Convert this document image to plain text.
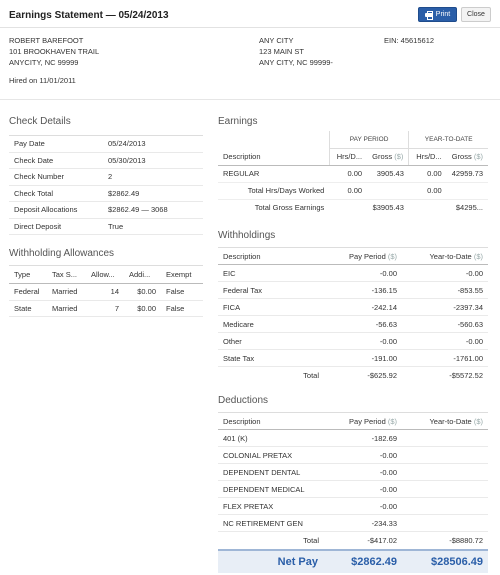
Earnings Statement — 05/24/2013	Print	Close
ROBERT BAREFOOT
101 BROOKHAVEN TRAIL
ANYCITY, NC 99999
Hired on 11/01/2011
ANY CITY
123 MAIN ST
ANY CITY, NC 99999-
EIN: 45615612
Check Details
Pay Date	05/24/2013
Check Date	05/30/2013
Check Number	2
Check Total	$2862.49
Deposit Allocations	$2862.49 — 3068
Direct Deposit	True
Withholding Allowances
Type	Tax S...	Allow...	Addi...	Exempt
Federal	Married	14	$0.00	False
State	Married	7	$0.00	False
Earnings
	PAY PERIOD		YEAR-TO-DATE	
Description	Hrs/D...	Gross ($)	Hrs/D...	Gross ($)
REGULAR	0.00	3905.43	0.00	42959.73
Total Hrs/Days Worked	0.00		0.00	
Total Gross Earnings	$3905.43		$4295...	
Withholdings
Description	Pay Period ($)	Year-to-Date ($)
EIC	-0.00	-0.00
Federal Tax	-136.15	-853.55
FICA	-242.14	-2397.34
Medicare	-56.63	-560.63
Other	-0.00	-0.00
State Tax	-191.00	-1761.00
Total	-$625.92	-$5572.52
Deductions
Description	Pay Period ($)	Year-to-Date ($)
401 (K)	-182.69	
COLONIAL PRETAX	-0.00	
DEPENDENT DENTAL	-0.00	
DEPENDENT MEDICAL	-0.00	
FLEX PRETAX	-0.00	
NC RETIREMENT GEN	-234.33	
Total	-$417.02	-$8880.72
Net Pay	$2862.49	$28506.49
